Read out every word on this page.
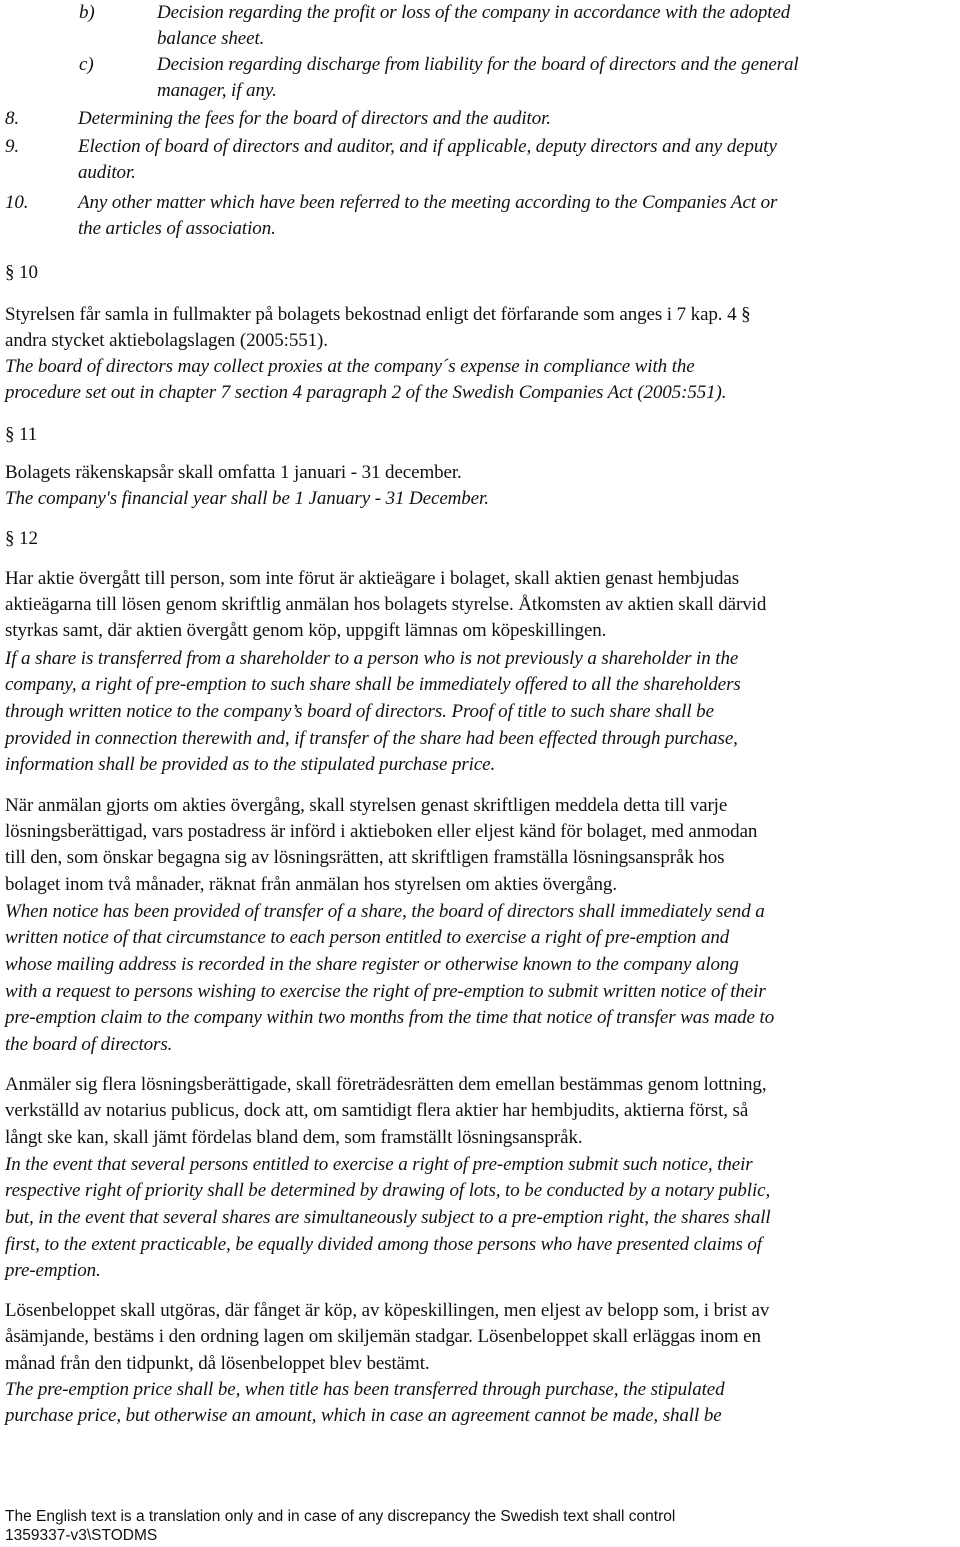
b)	Decision regarding the profit or loss of the company in accordance with the adopted
balance sheet.
c)	Decision regarding discharge from liability for the board of directors and the general
manager, if any.
8.	Determining the fees for the board of directors and the auditor.
9.	Election of board of directors and auditor, and if applicable, deputy directors and any deputy
auditor.
10.	Any other matter which have been referred to the meeting according to the Companies Act or
the articles of association.
§ 10
Styrelsen får samla in fullmakter på bolagets bekostnad enligt det förfarande som anges i 7 kap. 4 §
andra stycket aktiebolagslagen (2005:551).
The board of directors may collect proxies at the company´s expense in compliance with the
procedure set out in chapter 7 section 4 paragraph 2 of the Swedish Companies Act (2005:551).
§ 11
Bolagets räkenskapsår skall omfatta 1 januari - 31 december.
The company's financial year shall be 1 January - 31 December.
§ 12
Har aktie övergått till person, som inte förut är aktieägare i bolaget, skall aktien genast hembjudas
aktieägarna till lösen genom skriftlig anmälan hos bolagets styrelse. Åtkomsten av aktien skall därvid
styrkas samt, där aktien övergått genom köp, uppgift lämnas om köpeskillingen.
If a share is transferred from a shareholder to a person who is not previously a shareholder in the
company, a right of pre-emption to such share shall be immediately offered to all the shareholders
through written notice to the company’s board of directors. Proof of title to such share shall be
provided in connection therewith and, if transfer of the share had been effected through purchase,
information shall be provided as to the stipulated purchase price.
När anmälan gjorts om akties övergång, skall styrelsen genast skriftligen meddela detta till varje
lösningsberättigad, vars postadress är införd i aktieboken eller eljest känd för bolaget, med anmodan
till den, som önskar begagna sig av lösningsrätten, att skriftligen framställa lösningsanspråk hos
bolaget inom två månader, räknat från anmälan hos styrelsen om akties övergång.
When notice has been provided of transfer of a share, the board of directors shall immediately send a
written notice of that circumstance to each person entitled to exercise a right of pre-emption and
whose mailing address is recorded in the share register or otherwise known to the company along
with a request to persons wishing to exercise the right of pre-emption to submit written notice of their
pre-emption claim to the company within two months from the time that notice of transfer was made to
the board of directors.
Anmäler sig flera lösningsberättigade, skall företrädesrätten dem emellan bestämmas genom lottning,
verkställd av notarius publicus, dock att, om samtidigt flera aktier har hembjudits, aktierna först, så
långt ske kan, skall jämt fördelas bland dem, som framställt lösningsanspråk.
In the event that several persons entitled to exercise a right of pre-emption submit such notice, their
respective right of priority shall be determined by drawing of lots, to be conducted by a notary public,
but, in the event that several shares are simultaneously subject to a pre-emption right, the shares shall
first, to the extent practicable, be equally divided among those persons who have presented claims of
pre-emption.
Lösenbeloppet skall utgöras, där fånget är köp, av köpeskillingen, men eljest av belopp som, i brist av
åsämjande, bestäms i den ordning lagen om skiljemän stadgar. Lösenbeloppet skall erläggas inom en
månad från den tidpunkt, då lösenbeloppet blev bestämt.
The pre-emption price shall be, when title has been transferred through purchase, the stipulated
purchase price, but otherwise an amount, which in case an agreement cannot be made, shall be
The English text is a translation only and in case of any discrepancy the Swedish text shall control
1359337-v3\STODMS
